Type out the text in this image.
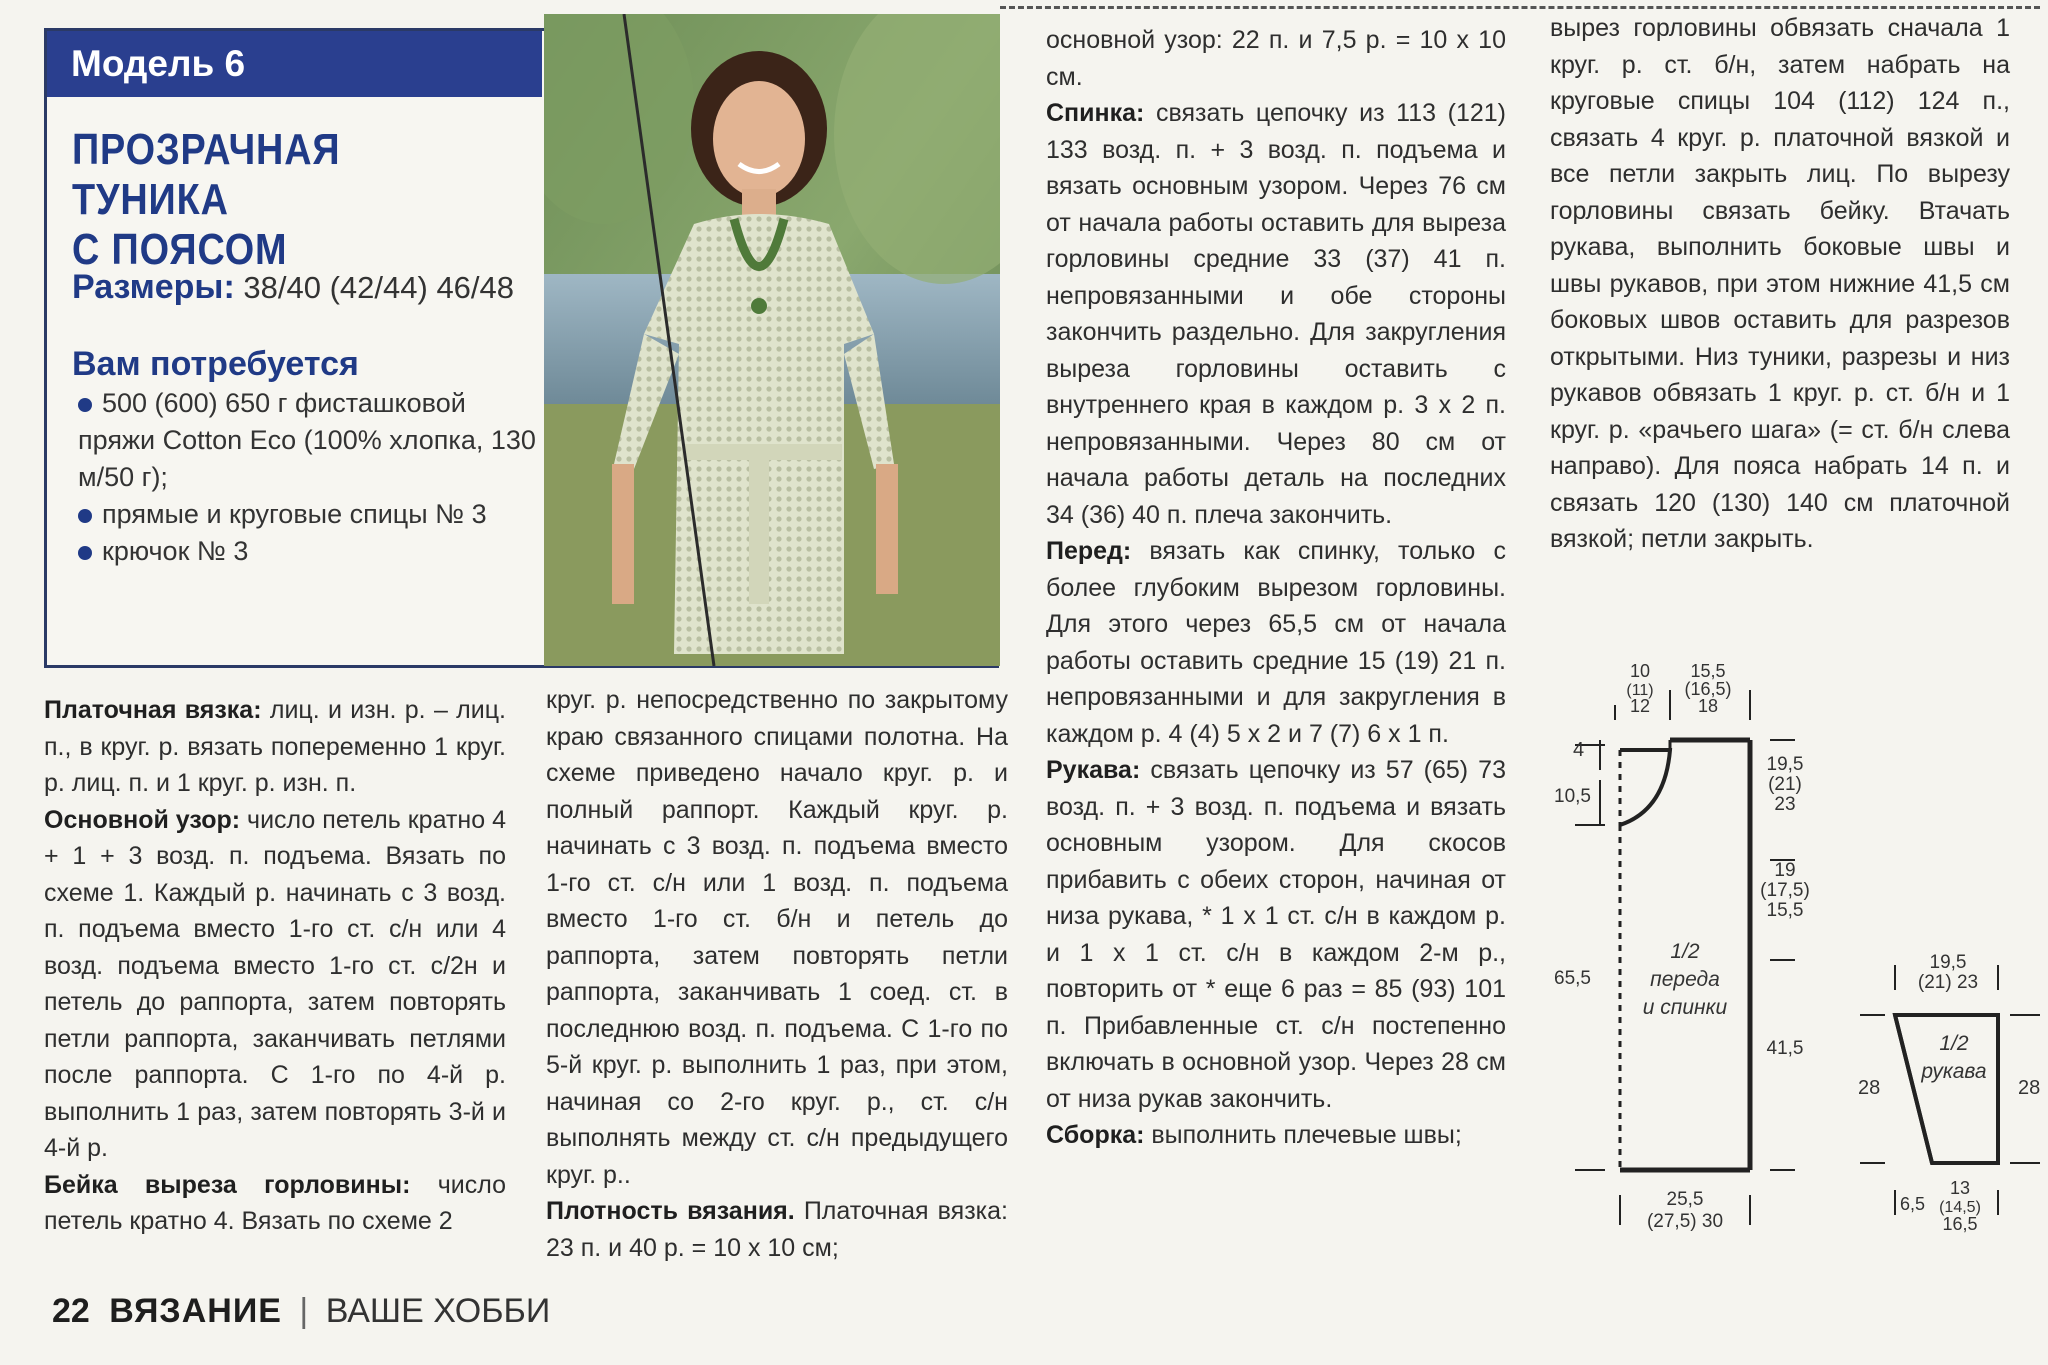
Модель 6
ПРОЗРАЧНАЯ ТУНИКА
С ПОЯСОМ
Размеры: 38/40 (42/44) 46/48
Вам потребуется
500 (600) 650 г фисташковой пряжи Cotton Eco (100% хлопка, 130 м/50 г);
прямые и круговые спицы № 3
крючок № 3

Платочная вязка: лиц. и изн. р. – лиц. п., в круг. р. вязать попеременно 1 круг. р. лиц. п. и 1 круг. р. изн. п.

Основной узор: число петель кратно 4 + 1 + 3 возд. п. подъема. Вязать по схеме 1. Каждый р. начинать с 3 возд. п. подъема вместо 1-го ст. с/н или 4 возд. подъема вместо 1-го ст. с/2н и петель до раппорта, затем повторять петли раппорта, заканчивать петлями после раппорта. С 1-го по 4-й р. выполнить 1 раз, затем повторять 3-й и 4-й р.

Бейка выреза горловины: число петель кратно 4. Вязать по схеме 2

круг. р. непосредственно по закрытому краю связанного спицами полотна. На схеме приведено начало круг. р. и полный раппорт. Каждый круг. р. начинать с 3 возд. п. подъема вместо 1-го ст. с/н или 1 возд. п. подъема вместо 1-го ст. б/н и петель до раппорта, затем повторять петли раппорта, заканчивать 1 соед. ст. в последнюю возд. п. подъема. С 1-го по 5-й круг. р. выполнить 1 раз, при этом, начиная со 2-го круг. р., ст. с/н выполнять между ст. с/н предыдущего круг. р..

Плотность вязания. Платочная вязка: 23 п. и 40 р. = 10 х 10 см;

основной узор: 22 п. и 7,5 р. = 10 х 10 см.

Спинка: связать цепочку из 113 (121) 133 возд. п. + 3 возд. п. подъема и вязать основным узором. Через 76 см от начала работы оставить для выреза горловины средние 33 (37) 41 п. непровязанными и обе стороны закончить раздельно. Для закругления выреза горловины оставить с внутреннего края в каждом р. 3 х 2 п. непровязанными. Через 80 см от начала работы деталь на последних 34 (36) 40 п. плеча закончить.

Перед: вязать как спинку, только с более глубоким вырезом горловины. Для этого через 65,5 см от начала работы оставить средние 15 (19) 21 п. непровязанными и для закругления в каждом р. 4 (4) 5 х 2 и 7 (7) 6 х 1 п.

Рукава: связать цепочку из 57 (65) 73 возд. п. + 3 возд. п. подъема и вязать основным узором. Для скосов прибавить с обеих сторон, начиная от низа рукава, * 1 х 1 ст. с/н в каждом р. и 1 х 1 ст. с/н в каждом 2-м р., повторить от * еще 6 раз = 85 (93) 101 п. Прибавленные ст. с/н постепенно включать в основной узор. Через 28 см от низа рукав закончить.

Сборка: выполнить плечевые швы;

вырез горловины обвязать сначала 1 круг. р. ст. б/н, затем набрать на круговые спицы 104 (112) 124 п., связать 4 круг. р. платочной вязкой и все петли закрыть лиц. По вырезу горловины связать бейку. Втачать рукава, выполнить боковые швы и швы рукавов, при этом нижние 41,5 см боковых швов оставить для разрезов открытыми. Низ туники, разрезы и низ рукавов обвязать 1 круг. р. ст. б/н и 1 круг. р. «рачьего шага» (= ст. б/н слева направо). Для пояса набрать 14 п. и связать 120 (130) 140 см платочной вязкой; петли закрыть.

10
(11)
12
15,5
(16,5)
18
4
10,5
65,5
19,5
(21)
23
19
(17,5)
15,5
41,5
1/2
переда
и спинки
25,5
(27,5) 30
19,5
(21) 23
1/2
рукава
28	28
6,5
13
(14,5)
16,5
22 ВЯЗАНИЕ | ВАШЕ ХОББИ
